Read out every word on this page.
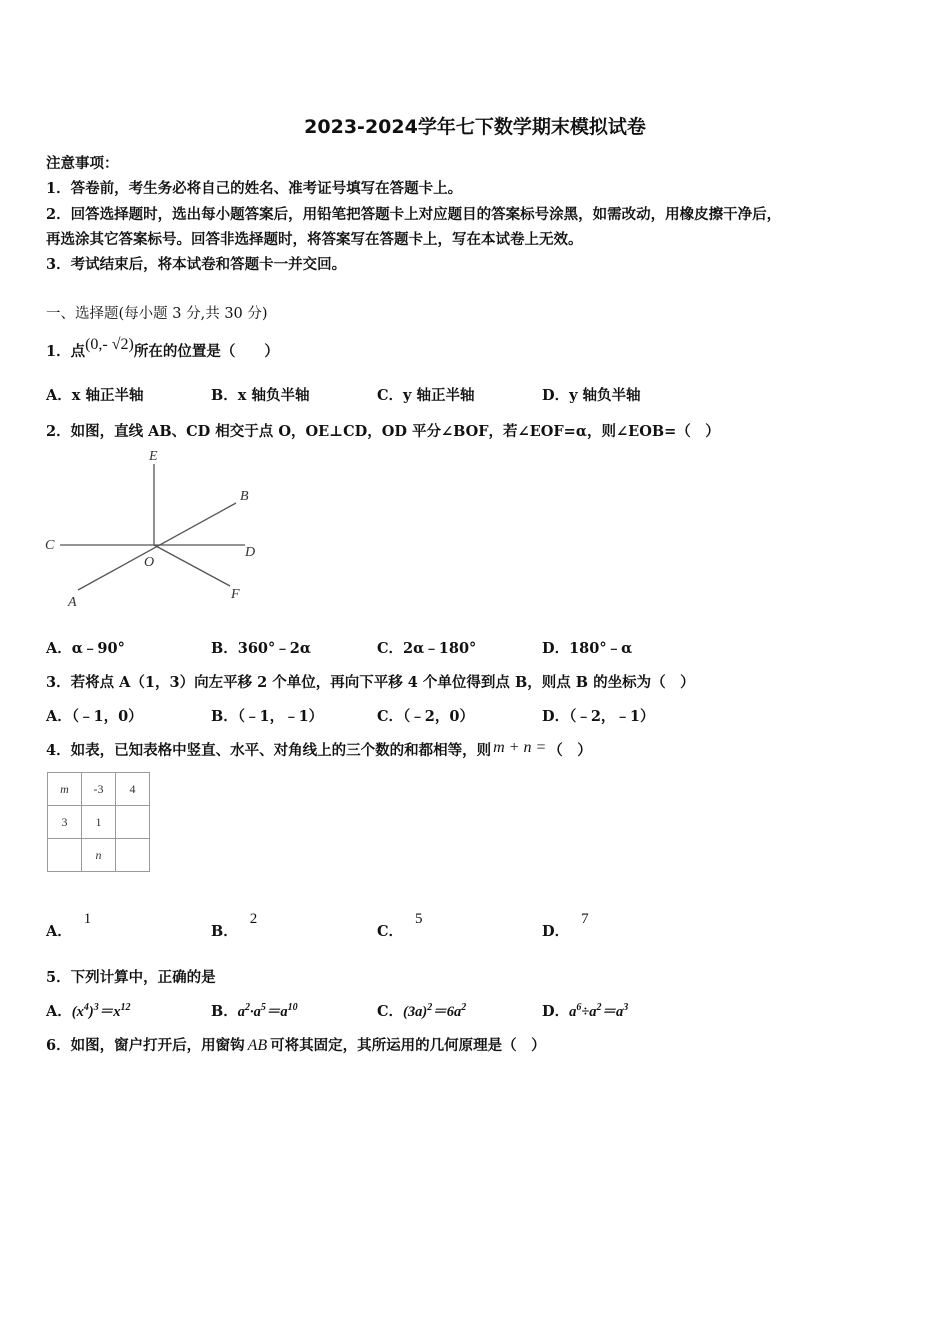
2023-2024学年七下数学期末模拟试卷
注意事项：
1．答卷前，考生务必将自己的姓名、准考证号填写在答题卡上。
2．回答选择题时，选出每小题答案后，用铅笔把答题卡上对应题目的答案标号涂黑，如需改动，用橡皮擦干净后，
再选涂其它答案标号。回答非选择题时，将答案写在答题卡上，写在本试卷上无效。
3．考试结束后，将本试卷和答题卡一并交回。
一、选择题(每小题 3 分,共 30 分)
1．点(0,- √2)所在的位置是（　　）
A．x 轴正半轴	B．x 轴负半轴	C．y 轴正半轴	D．y 轴负半轴
2．如图，直线 AB、CD 相交于点 O，OE⊥CD，OD 平分∠BOF，若∠EOF=α，则∠EOB=（　）
E
B
C	D
O
A
F
A．α﹣90°	B．360°﹣2α	C．2α﹣180°	D．180°﹣α
3．若将点 A（1，3）向左平移 2 个单位，再向下平移 4 个单位得到点 B，则点 B 的坐标为（　）
A．（﹣1，0）	B．（﹣1，﹣1）	C．（﹣2，0）	D．（﹣2，﹣1）
4．如表，已知表格中竖直、水平、对角线上的三个数的和都相等，则 m + n = （　）
m	-3	4
3	1	
	n	
A．1
B．2
C．5
D．7
5．下列计算中，正确的是
A．$(x^4)^3=x^{12}$	B．$a^2\cdot a^5=a^{10}$	C．$(3a)^2=6a^2$	D．$a^6\div a^2=a^3$
6．如图，窗户打开后，用窗钩 AB 可将其固定，其所运用的几何原理是（　）
